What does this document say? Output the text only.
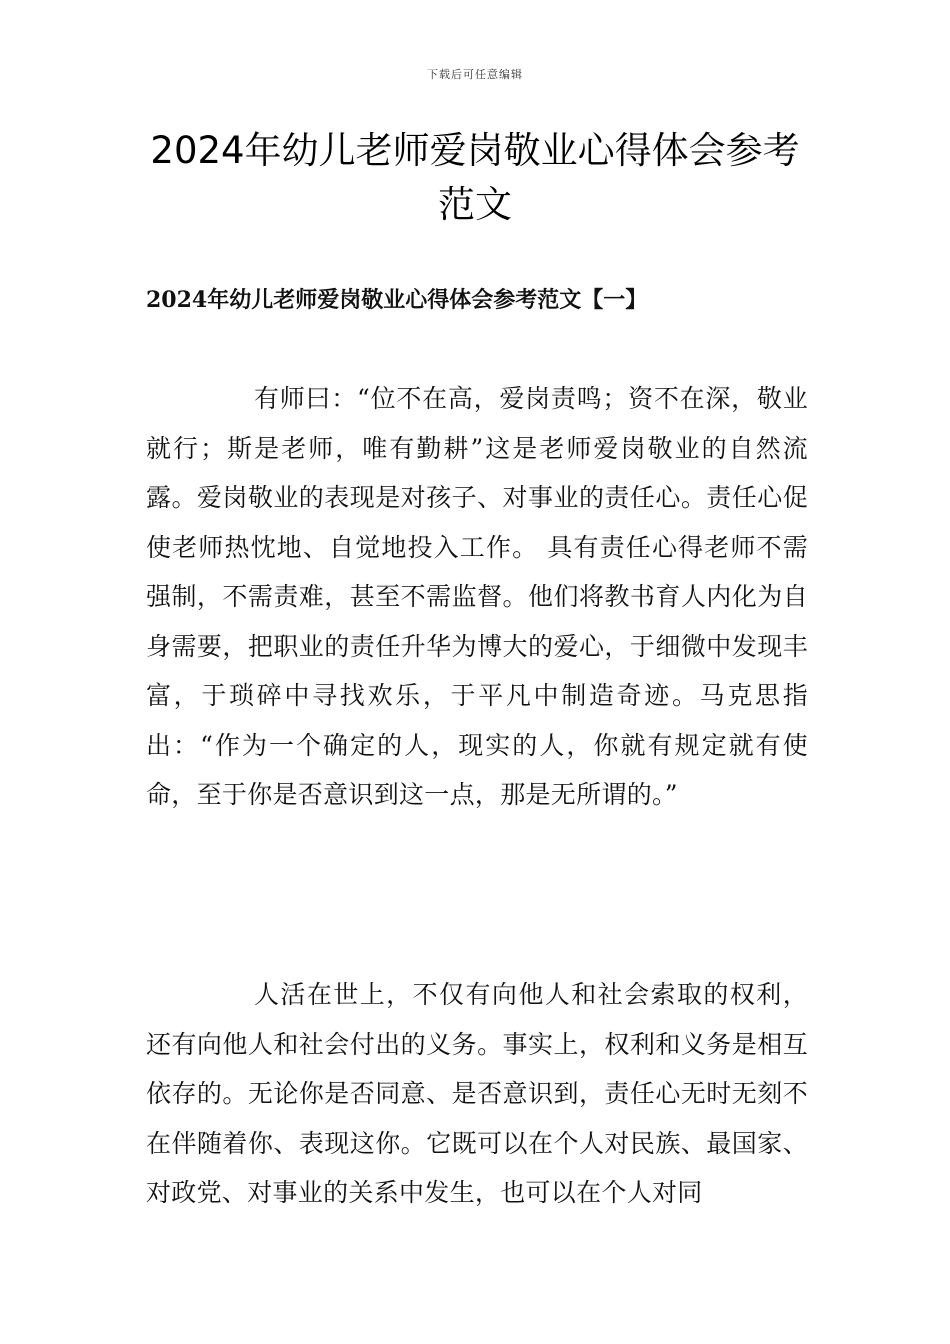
下载后可任意编辑
2024年幼儿老师爱岗敬业心得体会参考范文
2024年幼儿老师爱岗敬业心得体会参考范文【一】

有师曰：“位不在高，爱岗责鸣；资不在深，敬业就行；斯是老师，唯有勤耕”这是老师爱岗敬业的自然流露。爱岗敬业的表现是对孩子、对事业的责任心。责任心促使老师热忱地、自觉地投入工作。 具有责任心得老师不需强制，不需责难，甚至不需监督。他们将教书育人内化为自身需要，把职业的责任升华为博大的爱心，于细微中发现丰富，于琐碎中寻找欢乐，于平凡中制造奇迹。马克思指出：“作为一个确定的人，现实的人，你就有规定就有使命，至于你是否意识到这一点，那是无所谓的。”

人活在世上，不仅有向他人和社会索取的权利，还有向他人和社会付出的义务。事实上，权利和义务是相互依存的。无论你是否同意、是否意识到，责任心无时无刻不在伴随着你、表现这你。它既可以在个人对民族、最国家、对政党、对事业的关系中发生，也可以在个人对同
